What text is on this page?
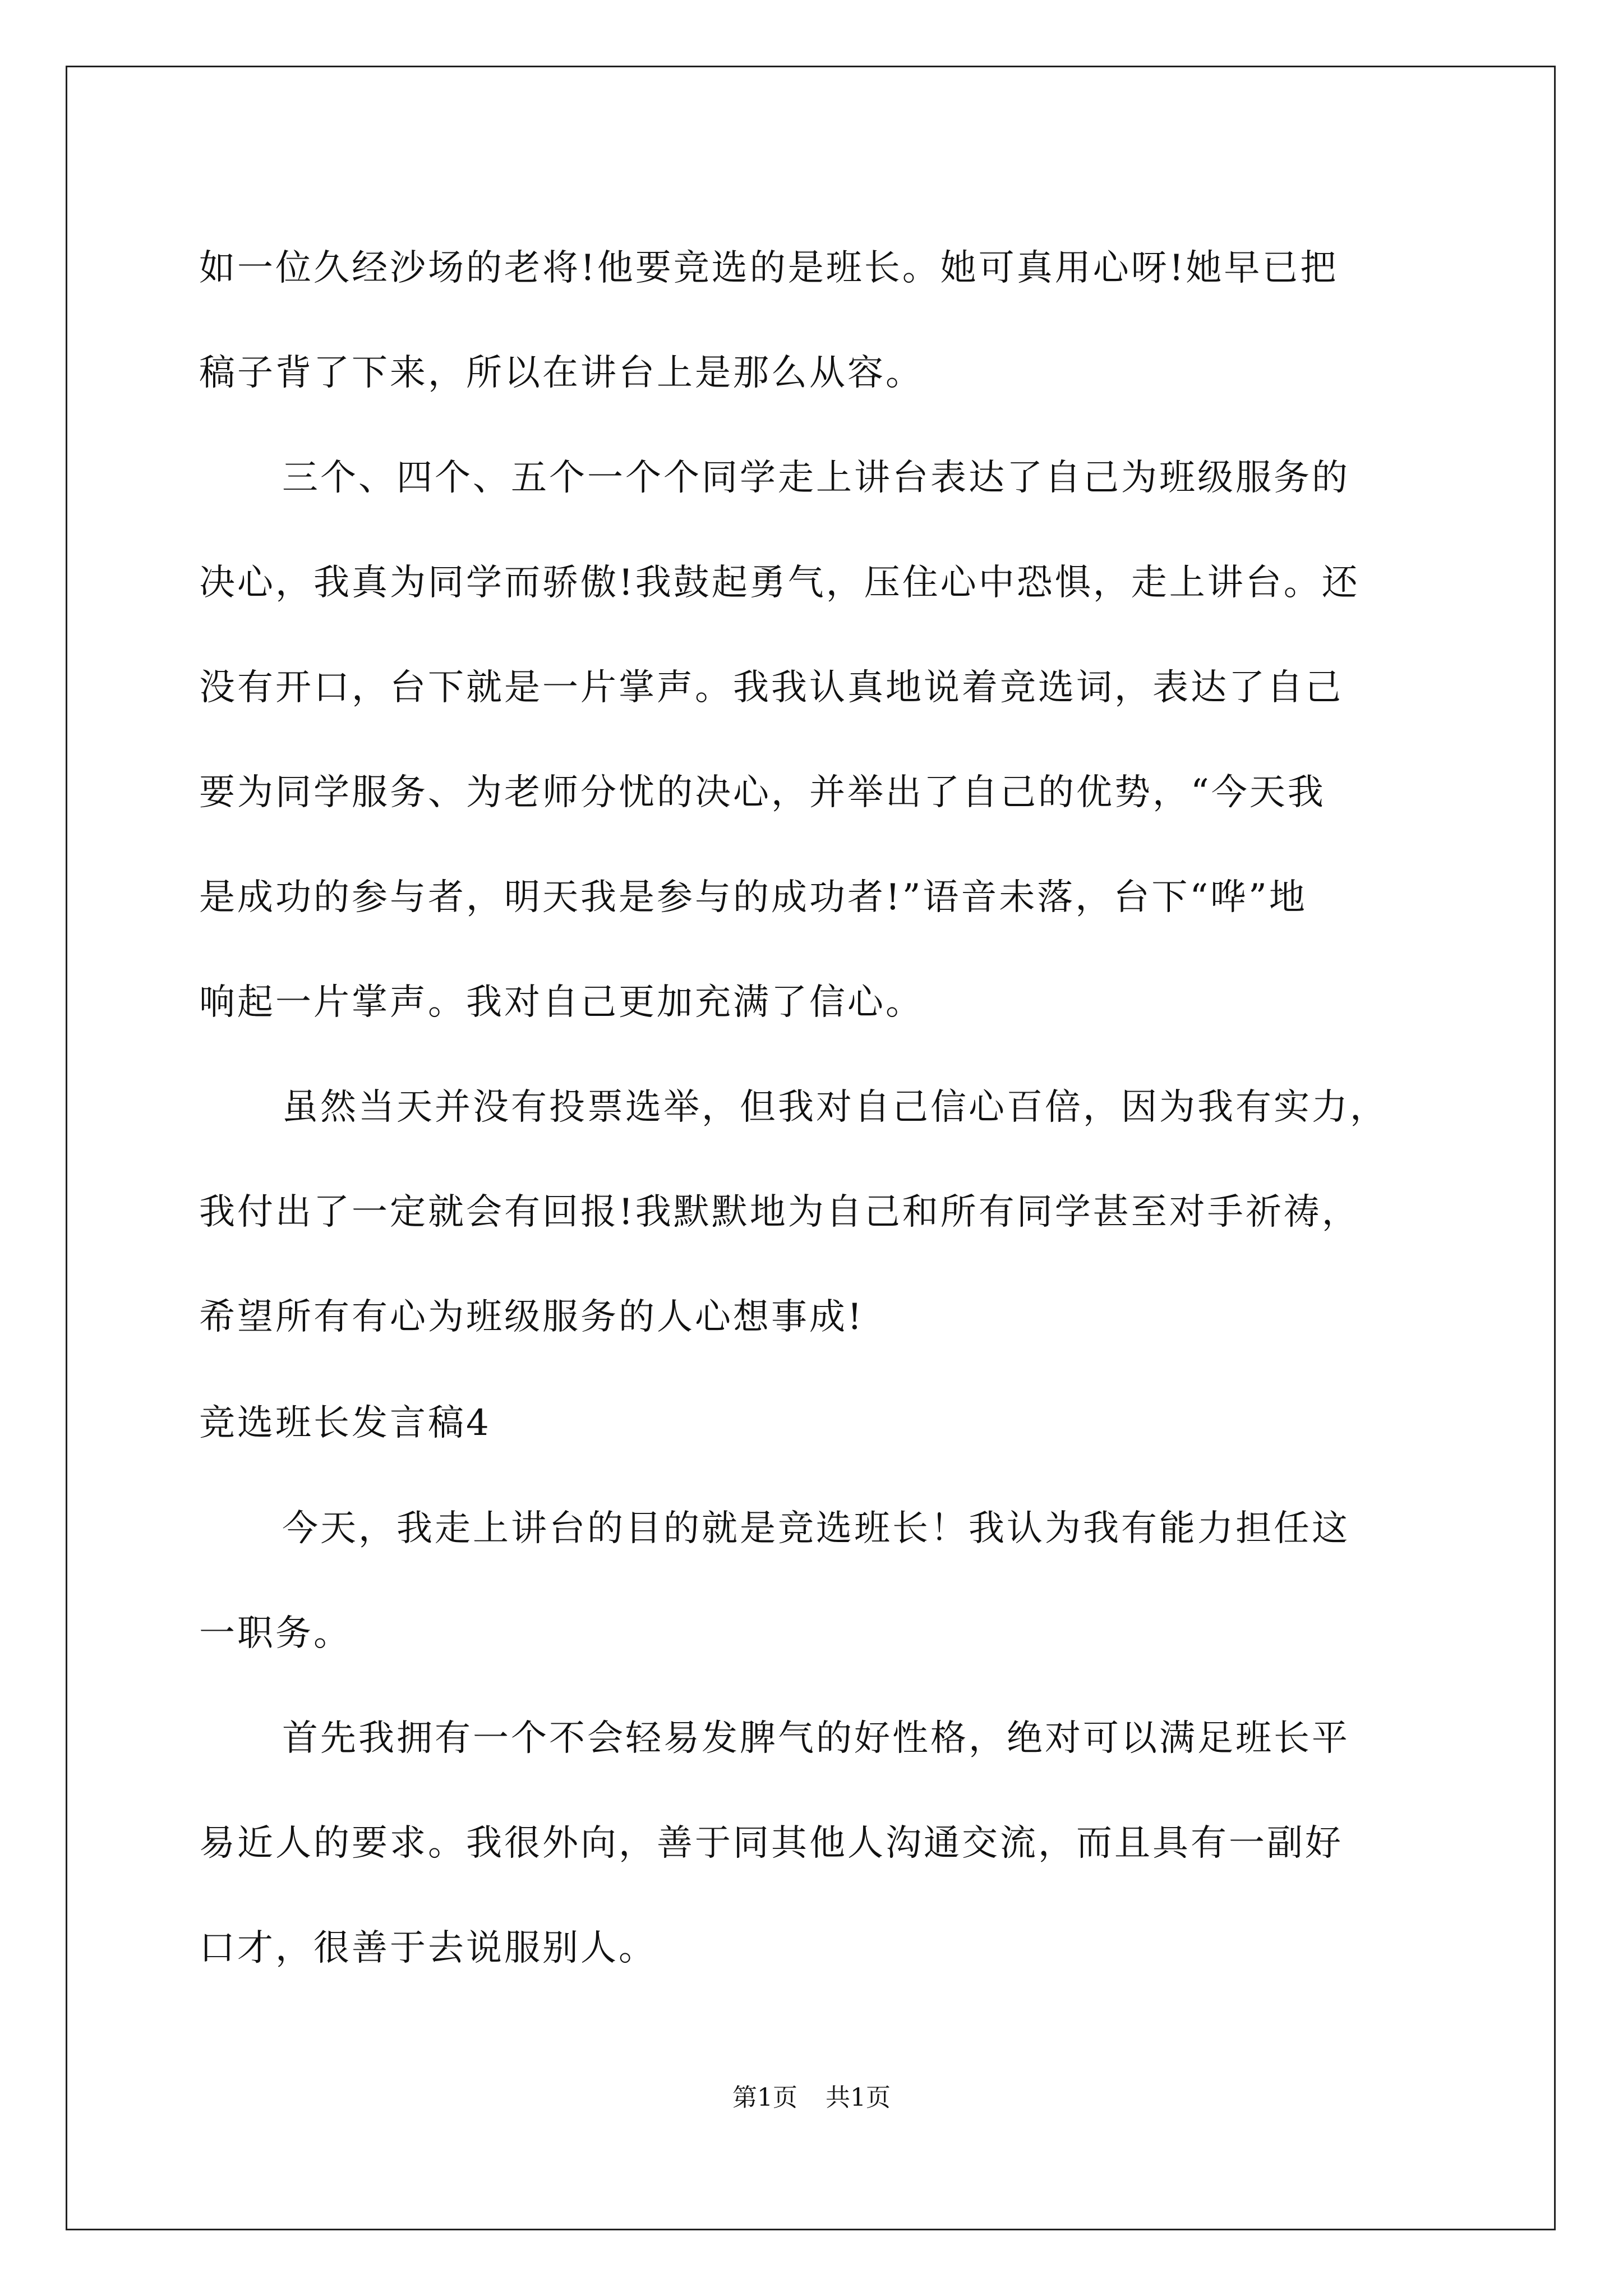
如一位久经沙场的老将!他要竞选的是班长。她可真用心呀!她早已把

稿子背了下来，所以在讲台上是那么从容。

三个、四个、五个一个个同学走上讲台表达了自己为班级服务的

决心，我真为同学而骄傲!我鼓起勇气，压住心中恐惧，走上讲台。还

没有开口，台下就是一片掌声。我我认真地说着竞选词，表达了自己

要为同学服务、为老师分忧的决心，并举出了自己的优势，“今天我

是成功的参与者，明天我是参与的成功者!”语音未落，台下“哗”地

响起一片掌声。我对自己更加充满了信心。

虽然当天并没有投票选举，但我对自己信心百倍，因为我有实力，

我付出了一定就会有回报!我默默地为自己和所有同学甚至对手祈祷，

希望所有有心为班级服务的人心想事成!

竞选班长发言稿4

今天，我走上讲台的目的就是竞选班长！我认为我有能力担任这

一职务。

首先我拥有一个不会轻易发脾气的好性格，绝对可以满足班长平

易近人的要求。我很外向，善于同其他人沟通交流，而且具有一副好

口才，很善于去说服别人。

第1页 共1页
